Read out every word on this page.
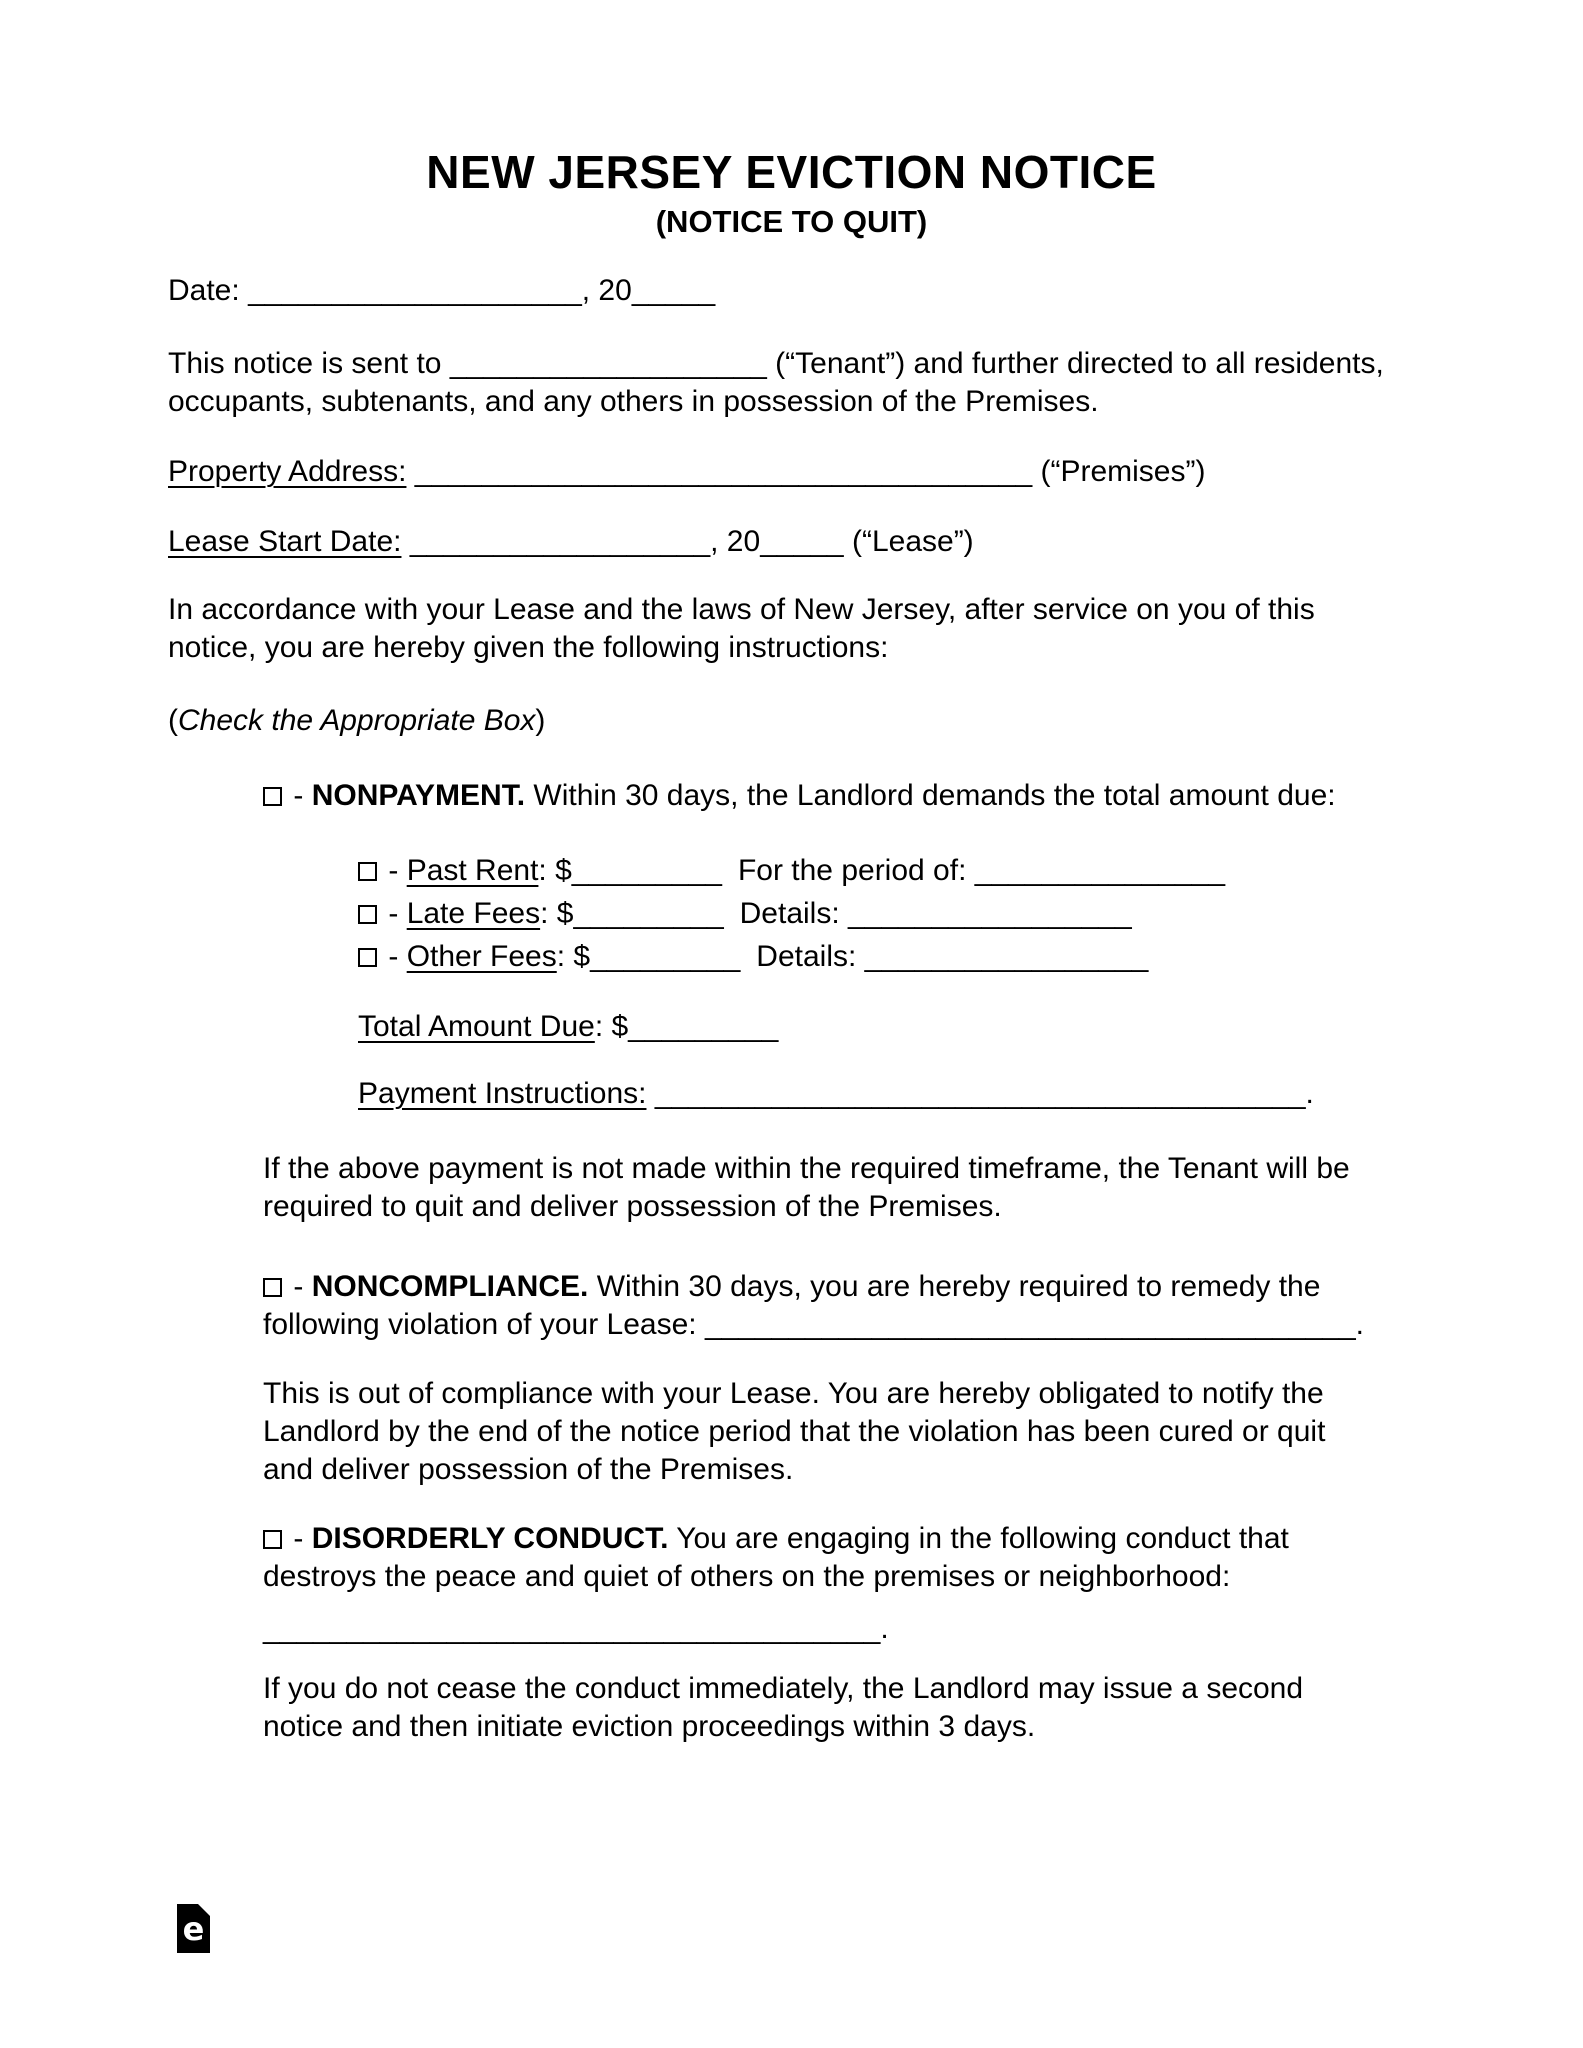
NEW JERSEY EVICTION NOTICE
(NOTICE TO QUIT)
Date: ____________________, 20_____
This notice is sent to ___________________ (“Tenant”) and further directed to all residents,
occupants, subtenants, and any others in possession of the Premises.
Property Address: _____________________________________ (“Premises”)
Lease Start Date: __________________, 20_____ (“Lease”)
In accordance with your Lease and the laws of New Jersey, after service on you of this
notice, you are hereby given the following instructions:
(Check the Appropriate Box)
- NONPAYMENT. Within 30 days, the Landlord demands the total amount due:
- Past Rent: $_________ For the period of: _______________
- Late Fees: $_________ Details: _________________
- Other Fees: $_________ Details: _________________
Total Amount Due: $_________
Payment Instructions: _______________________________________.
If the above payment is not made within the required timeframe, the Tenant will be
required to quit and deliver possession of the Premises.
- NONCOMPLIANCE. Within 30 days, you are hereby required to remedy the
following violation of your Lease: _______________________________________.
This is out of compliance with your Lease. You are hereby obligated to notify the
Landlord by the end of the notice period that the violation has been cured or quit
and deliver possession of the Premises.
- DISORDERLY CONDUCT. You are engaging in the following conduct that
destroys the peace and quiet of others on the premises or neighborhood:
_____________________________________.
If you do not cease the conduct immediately, the Landlord may issue a second
notice and then initiate eviction proceedings within 3 days.
e
